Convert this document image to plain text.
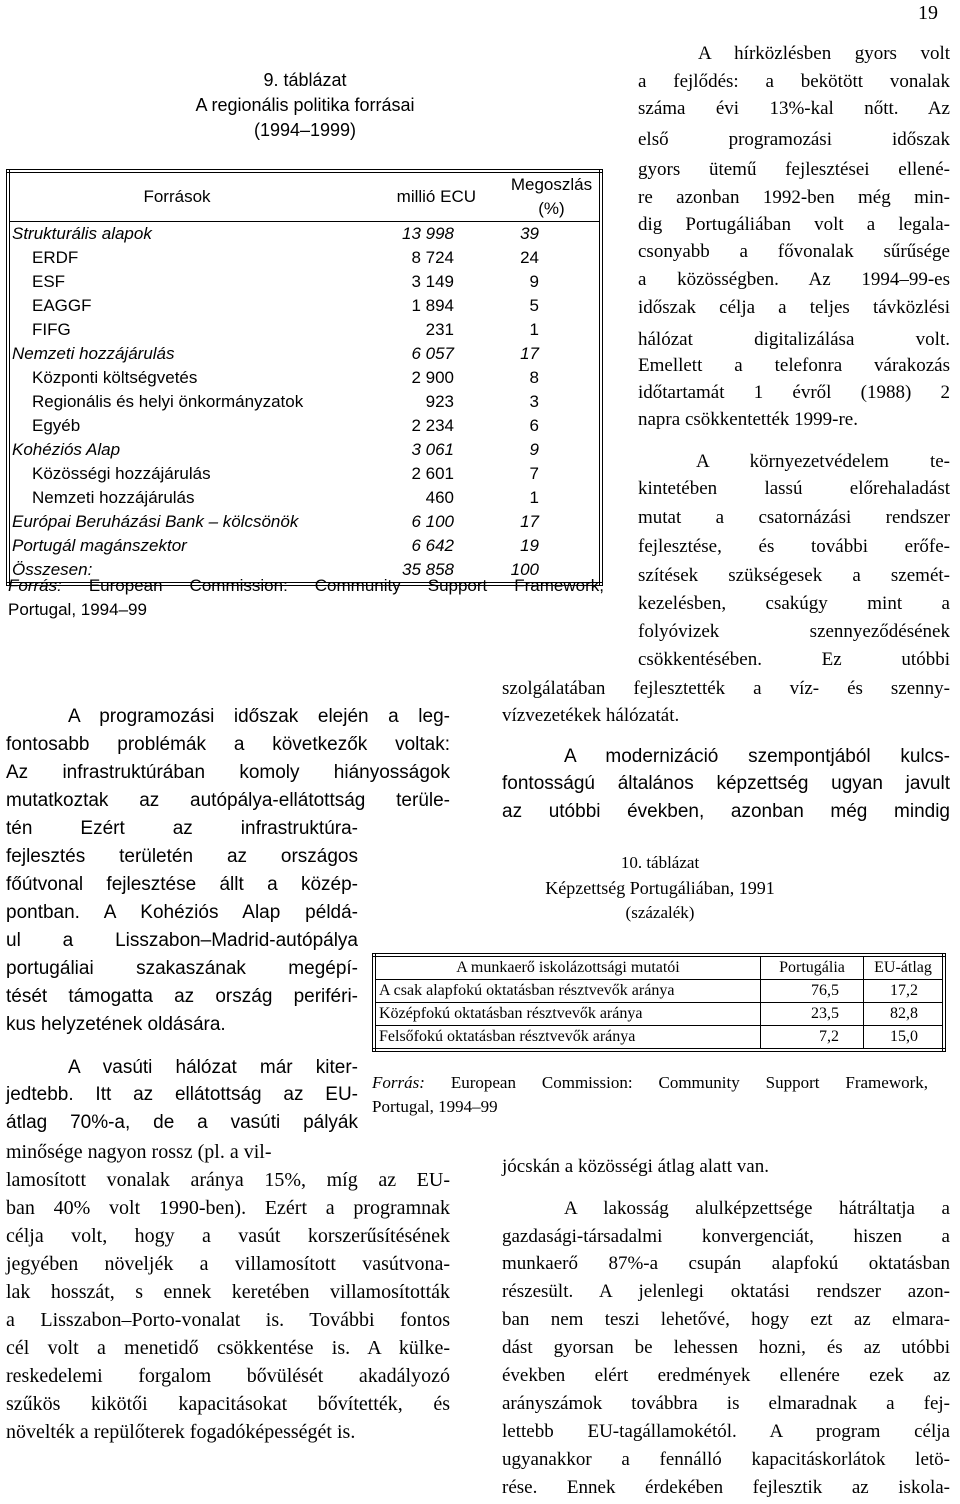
19
9. táblázat
A regionális politika forrásai
(1994–1999)
Források	millió ECU	Megoszlás (%)
Strukturális alapok	13 998	39
ERDF	8 724	24
ESF	3 149	9
EAGGF	1 894	5
FIFG	231	1
Nemzeti hozzájárulás	6 057	17
Központi költségvetés	2 900	8
Regionális és helyi önkormányzatok	923	3
Egyéb	2 234	6
Kohéziós Alap	3 061	9
Közösségi hozzájárulás	2 601	7
Nemzeti hozzájárulás	460	1
Európai Beruházási Bank – kölcsönök	6 100	17
Portugál magánszektor	6 642	19
Összesen:	35 858	100
Forrás: European Commission: Community Support Framework,
Portugal, 1994–99
A hírközlésben gyors volt
a fejlődés: a bekötött vonalak
száma évi 13%-kal nőtt. Az
első programozási időszak
gyors ütemű fejlesztései ellené-
re azonban 1992-ben még min-
dig Portugáliában volt a legala-
csonyabb a fővonalak sűrűsége
a közösségben. Az 1994–99-es
időszak célja a teljes távközlési
hálózat digitalizálása volt.
Emellett a telefonra várakozás
időtartamát 1 évről (1988) 2
napra csökkentették 1999-re.
A környezetvédelem te-
kintetében lassú előrehaladást
mutat a csatornázási rendszer
fejlesztése, és további erőfe-
szítések szükségesek a szemét-
kezelésben, csakúgy mint a
folyóvizek szennyeződésének
csökkentésében. Ez utóbbi
szolgálatában fejlesztették a víz- és szenny-
vízvezetékek hálózatát.
A modernizáció szempontjából kulcs-
fontosságú általános képzettség ugyan javult
az utóbbi években, azonban még mindig
A programozási időszak elején a leg-
fontosabb problémák a következők voltak:
Az infrastruktúrában komoly hiányosságok
mutatkoztak az autópálya-ellátottság terüle-
tén Ezért az infrastruktúra-
fejlesztés területén az országos
főútvonal fejlesztése állt a közép-
pontban. A Kohéziós Alap példá-
ul a Lisszabon–Madrid-autópálya
portugáliai szakaszának megépí-
tését támogatta az ország periféri-
kus helyzetének oldására.
A vasúti hálózat már kiter-
jedtebb. Itt az ellátottság az EU-
átlag 70%-a, de a vasúti pályák
minősége nagyon rossz (pl. a vil-
lamosított vonalak aránya 15%, míg az EU-
ban 40% volt 1990-ben). Ezért a programnak
célja volt, hogy a vasút korszerűsítésének
jegyében növeljék a villamosított vasútvona-
lak hosszát, s ennek keretében villamosították
a Lisszabon–Porto-vonalat is. További fontos
cél volt a menetidő csökkentése is. A külke-
reskedelemi forgalom bővülését akadályozó
szűkös kikötői kapacitásokat bővítették, és
növelték a repülőterek fogadóképességét is.
10. táblázat
Képzettség Portugáliában, 1991
(százalék)
A munkaerő iskolázottsági mutatói	Portugália	EU-átlag
A csak alapfokú oktatásban résztvevők aránya	76,5	17,2
Középfokú oktatásban résztvevők aránya	23,5	82,8
Felsőfokú oktatásban résztvevők aránya	7,2	15,0
Forrás: European Commission: Community Support Framework,
Portugal, 1994–99
jócskán a közösségi átlag alatt van.
A lakosság alulképzettsége hátráltatja a
gazdasági-társadalmi konvergenciát, hiszen a
munkaerő 87%-a csupán alapfokú oktatásban
részesült. A jelenlegi oktatási rendszer azon-
ban nem teszi lehetővé, hogy ezt az elmara-
dást gyorsan be lehessen hozni, és az utóbbi
években elért eredmények ellenére ezek az
arányszámok továbbra is elmaradnak a fej-
lettebb EU-tagállamokétól. A program célja
ugyanakkor a fennálló kapacitáskorlátok letö-
rése. Ennek érdekében fejlesztik az iskola-
